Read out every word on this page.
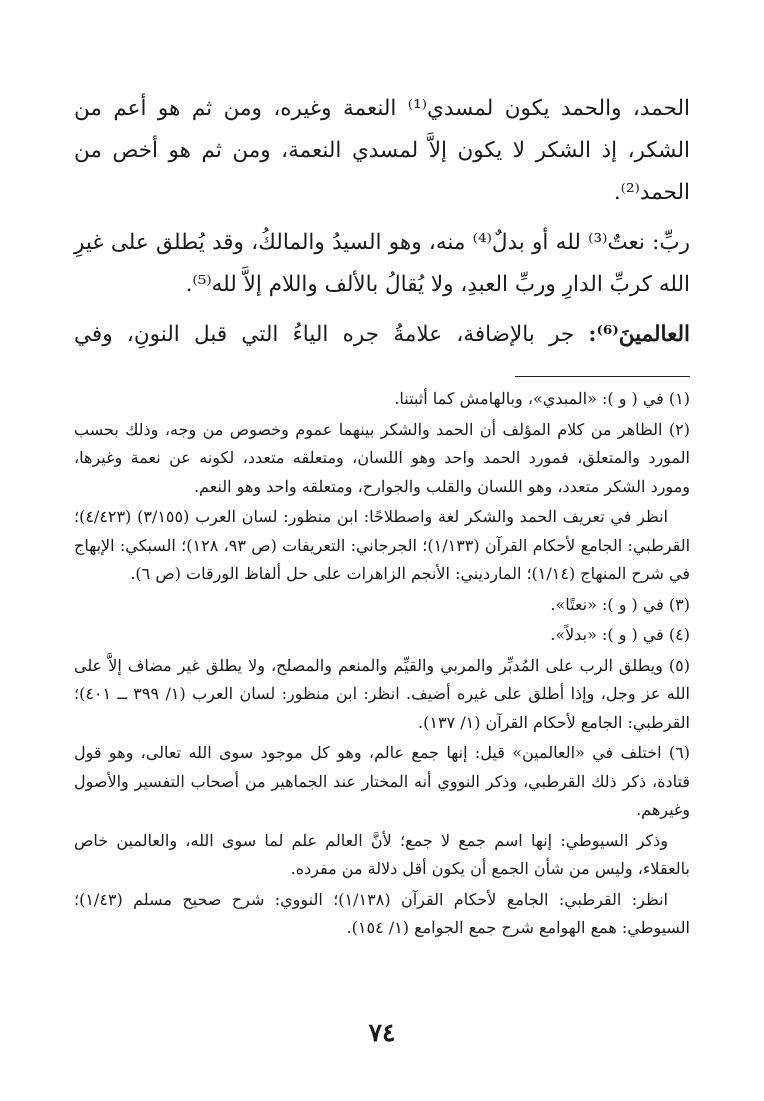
الحمد، والحمد يكون لمسدي⁽¹⁾ النعمة وغيره، ومن ثم هو أعم من الشكر، إذ الشكر لا يكون إلاَّ لمسدي النعمة، ومن ثم هو أخص من الحمد⁽²⁾.

ربِّ: نعتٌ⁽³⁾ لله أو بدلٌ⁽⁴⁾ منه، وهو السيدُ والمالكُ، وقد يُطلق على غيرِ الله كربِّ الدارِ وربِّ العبدِ، ولا يُقالُ بالألف واللام إلاَّ لله⁽⁵⁾.

العالمينَ⁽⁶⁾: جر بالإضافة، علامةُ جره الياءُ التي قبل النونِ، وفي

(١) في ( و ): «المبدي»، وبالهامش كما أثبتنا.

(٢) الظاهر من كلام المؤلف أن الحمد والشكر بينهما عموم وخصوص من وجه، وذلك بحسب المورد والمتعلق، فمورد الحمد واحد وهو اللسان، ومتعلقه متعدد، لكونه عن نعمة وغيرها، ومورد الشكر متعدد، وهو اللسان والقلب والجوارح، ومتعلقه واحد وهو النعم.

انظر في تعريف الحمد والشكر لغة واصطلاحًا: ابن منظور: لسان العرب (٣/١٥٥) (٤/٤٢٣)؛ القرطبي: الجامع لأحكام القرآن (١/١٣٣)؛ الجرجاني: التعريفات (ص ٩٣، ١٢٨)؛ السبكي: الإبهاج في شرح المنهاج (١/١٤)؛ المارديني: الأنجم الزاهرات على حل ألفاظ الورقات (ص ٦).

(٣) في ( و ): «نعتًا».

(٤) في ( و ): «بدلاً».

(٥) ويطلق الرب على المُدبِّر والمربي والقيِّم والمنعم والمصلح، ولا يطلق غير مضاف إلاَّ على الله عز وجل، وإذا أطلق على غيره أضيف. انظر: ابن منظور: لسان العرب (١/ ٣٩٩ ــ ٤٠١)؛ القرطبي: الجامع لأحكام القرآن (١/ ١٣٧).

(٦) اختلف في «العالمين» قيل: إنها جمع عالم، وهو كل موجود سوى الله تعالى، وهو قول قتادة، ذكر ذلك القرطبي، وذكر النووي أنه المختار عند الجماهير من أصحاب التفسير والأصول وغيرهم.

وذكر السيوطي: إنها اسم جمع لا جمع؛ لأنَّ العالم علم لما سوى الله، والعالمين خاص بالعقلاء، وليس من شأن الجمع أن يكون أقل دلالة من مفرده.

انظر: القرطبي: الجامع لأحكام القرآن (١/١٣٨)؛ النووي: شرح صحيح مسلم (١/٤٣)؛ السيوطي: همع الهوامع شرح جمع الجوامع (١/ ١٥٤).

٧٤
